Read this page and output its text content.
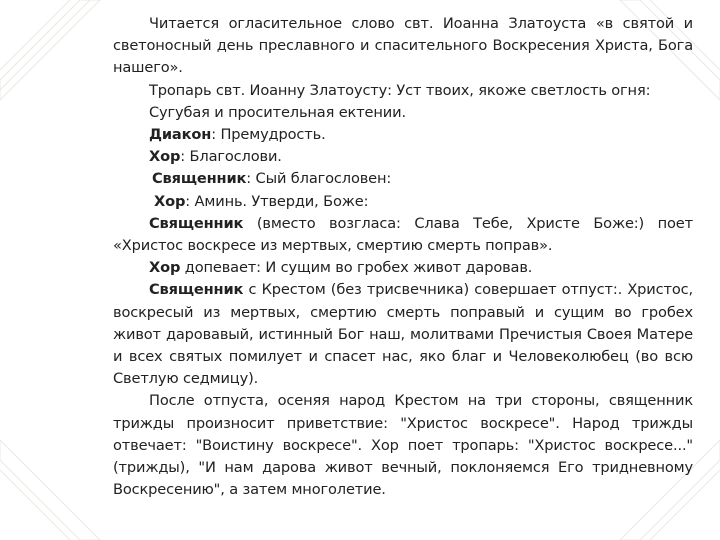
Читается огласительное слово свт. Иоанна Златоуста «в святой и светоносный день преславного и спасительного Воскресения Христа, Бога нашего».

Тропарь свт. Иоанну Златоусту: Уст твоих, якоже светлость огня:

Сугубая и просительная ектении.

Диакон: Премудрость.

Хор: Благослови.

Священник: Сый благословен:

Хор: Аминь. Утверди, Боже:

Священник (вместо возгласа: Слава Тебе, Христе Боже:) поет «Христос воскресе из мертвых, смертию смерть поправ».

Хор допевает: И сущим во гробех живот даровав.

Священник с Крестом (без трисвечника) совершает отпуст:. Христос, воскресый из мертвых, смертию смерть поправый и сущим во гробех живот даровавый, истинный Бог наш, молитвами Пречистыя Своея Матере и всех святых помилует и спасет нас, яко благ и Человеколюбец (во всю Светлую седмицу).

После отпуста, осеняя народ Крестом на три стороны, священник трижды произносит приветствие: "Христос воскресе". Народ трижды отвечает: "Воистину воскресе". Хор поет тропарь: "Христос воскресе..." (трижды), "И нам дарова живот вечный, поклоняемся Его тридневному Воскресению", а затем многолетие.
